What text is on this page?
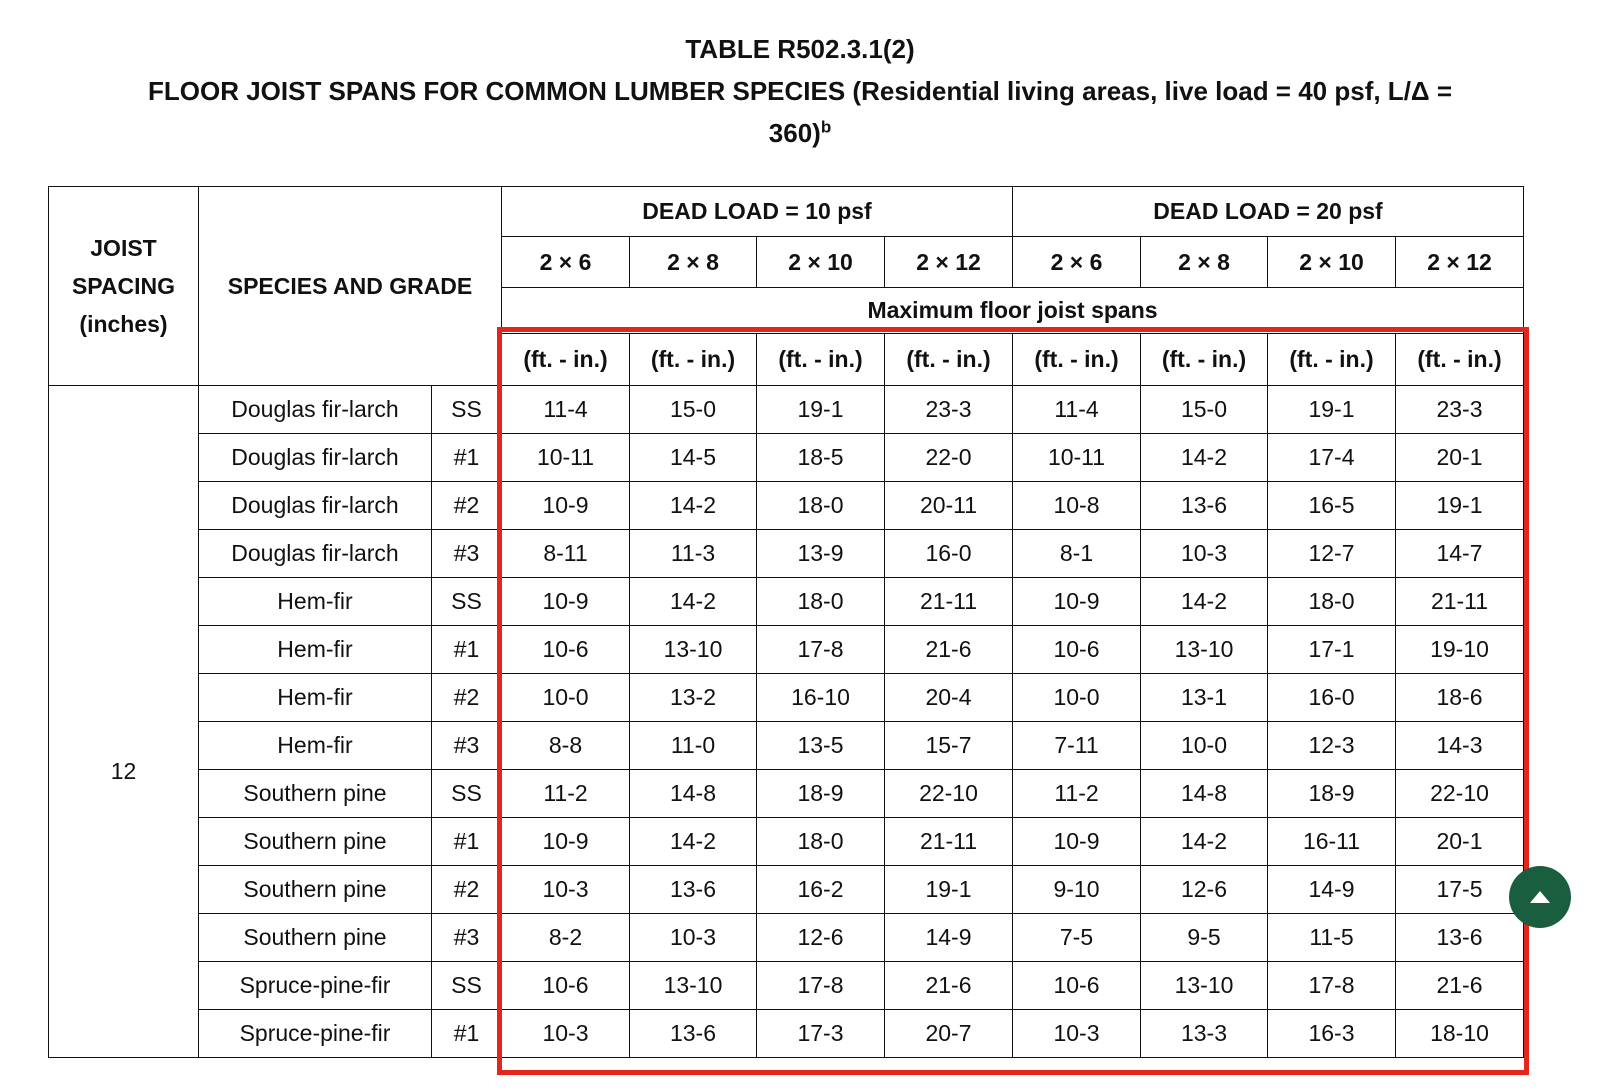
TABLE R502.3.1(2)
FLOOR JOIST SPANS FOR COMMON LUMBER SPECIES (Residential living areas, live load = 40 psf, L/Δ =
360)$^b$
JOIST
SPACING
(inches)	SPECIES AND GRADE		DEAD LOAD = 10 psf				DEAD LOAD = 20 psf			
			2 × 6	2 × 8	2 × 10	2 × 12	2 × 6	2 × 8	2 × 10	2 × 12
			Maximum floor joist spans							
			(ft. - in.)	(ft. - in.)	(ft. - in.)	(ft. - in.)	(ft. - in.)	(ft. - in.)	(ft. - in.)	(ft. - in.)
12	Douglas fir-larch	SS	11-4	15-0	19-1	23-3	11-4	15-0	19-1	23-3
	Douglas fir-larch	#1	10-11	14-5	18-5	22-0	10-11	14-2	17-4	20-1
	Douglas fir-larch	#2	10-9	14-2	18-0	20-11	10-8	13-6	16-5	19-1
	Douglas fir-larch	#3	8-11	11-3	13-9	16-0	8-1	10-3	12-7	14-7
	Hem-fir	SS	10-9	14-2	18-0	21-11	10-9	14-2	18-0	21-11
	Hem-fir	#1	10-6	13-10	17-8	21-6	10-6	13-10	17-1	19-10
	Hem-fir	#2	10-0	13-2	16-10	20-4	10-0	13-1	16-0	18-6
	Hem-fir	#3	8-8	11-0	13-5	15-7	7-11	10-0	12-3	14-3
	Southern pine	SS	11-2	14-8	18-9	22-10	11-2	14-8	18-9	22-10
	Southern pine	#1	10-9	14-2	18-0	21-11	10-9	14-2	16-11	20-1
	Southern pine	#2	10-3	13-6	16-2	19-1	9-10	12-6	14-9	17-5
	Southern pine	#3	8-2	10-3	12-6	14-9	7-5	9-5	11-5	13-6
	Spruce-pine-fir	SS	10-6	13-10	17-8	21-6	10-6	13-10	17-8	21-6
	Spruce-pine-fir	#1	10-3	13-6	17-3	20-7	10-3	13-3	16-3	18-10
